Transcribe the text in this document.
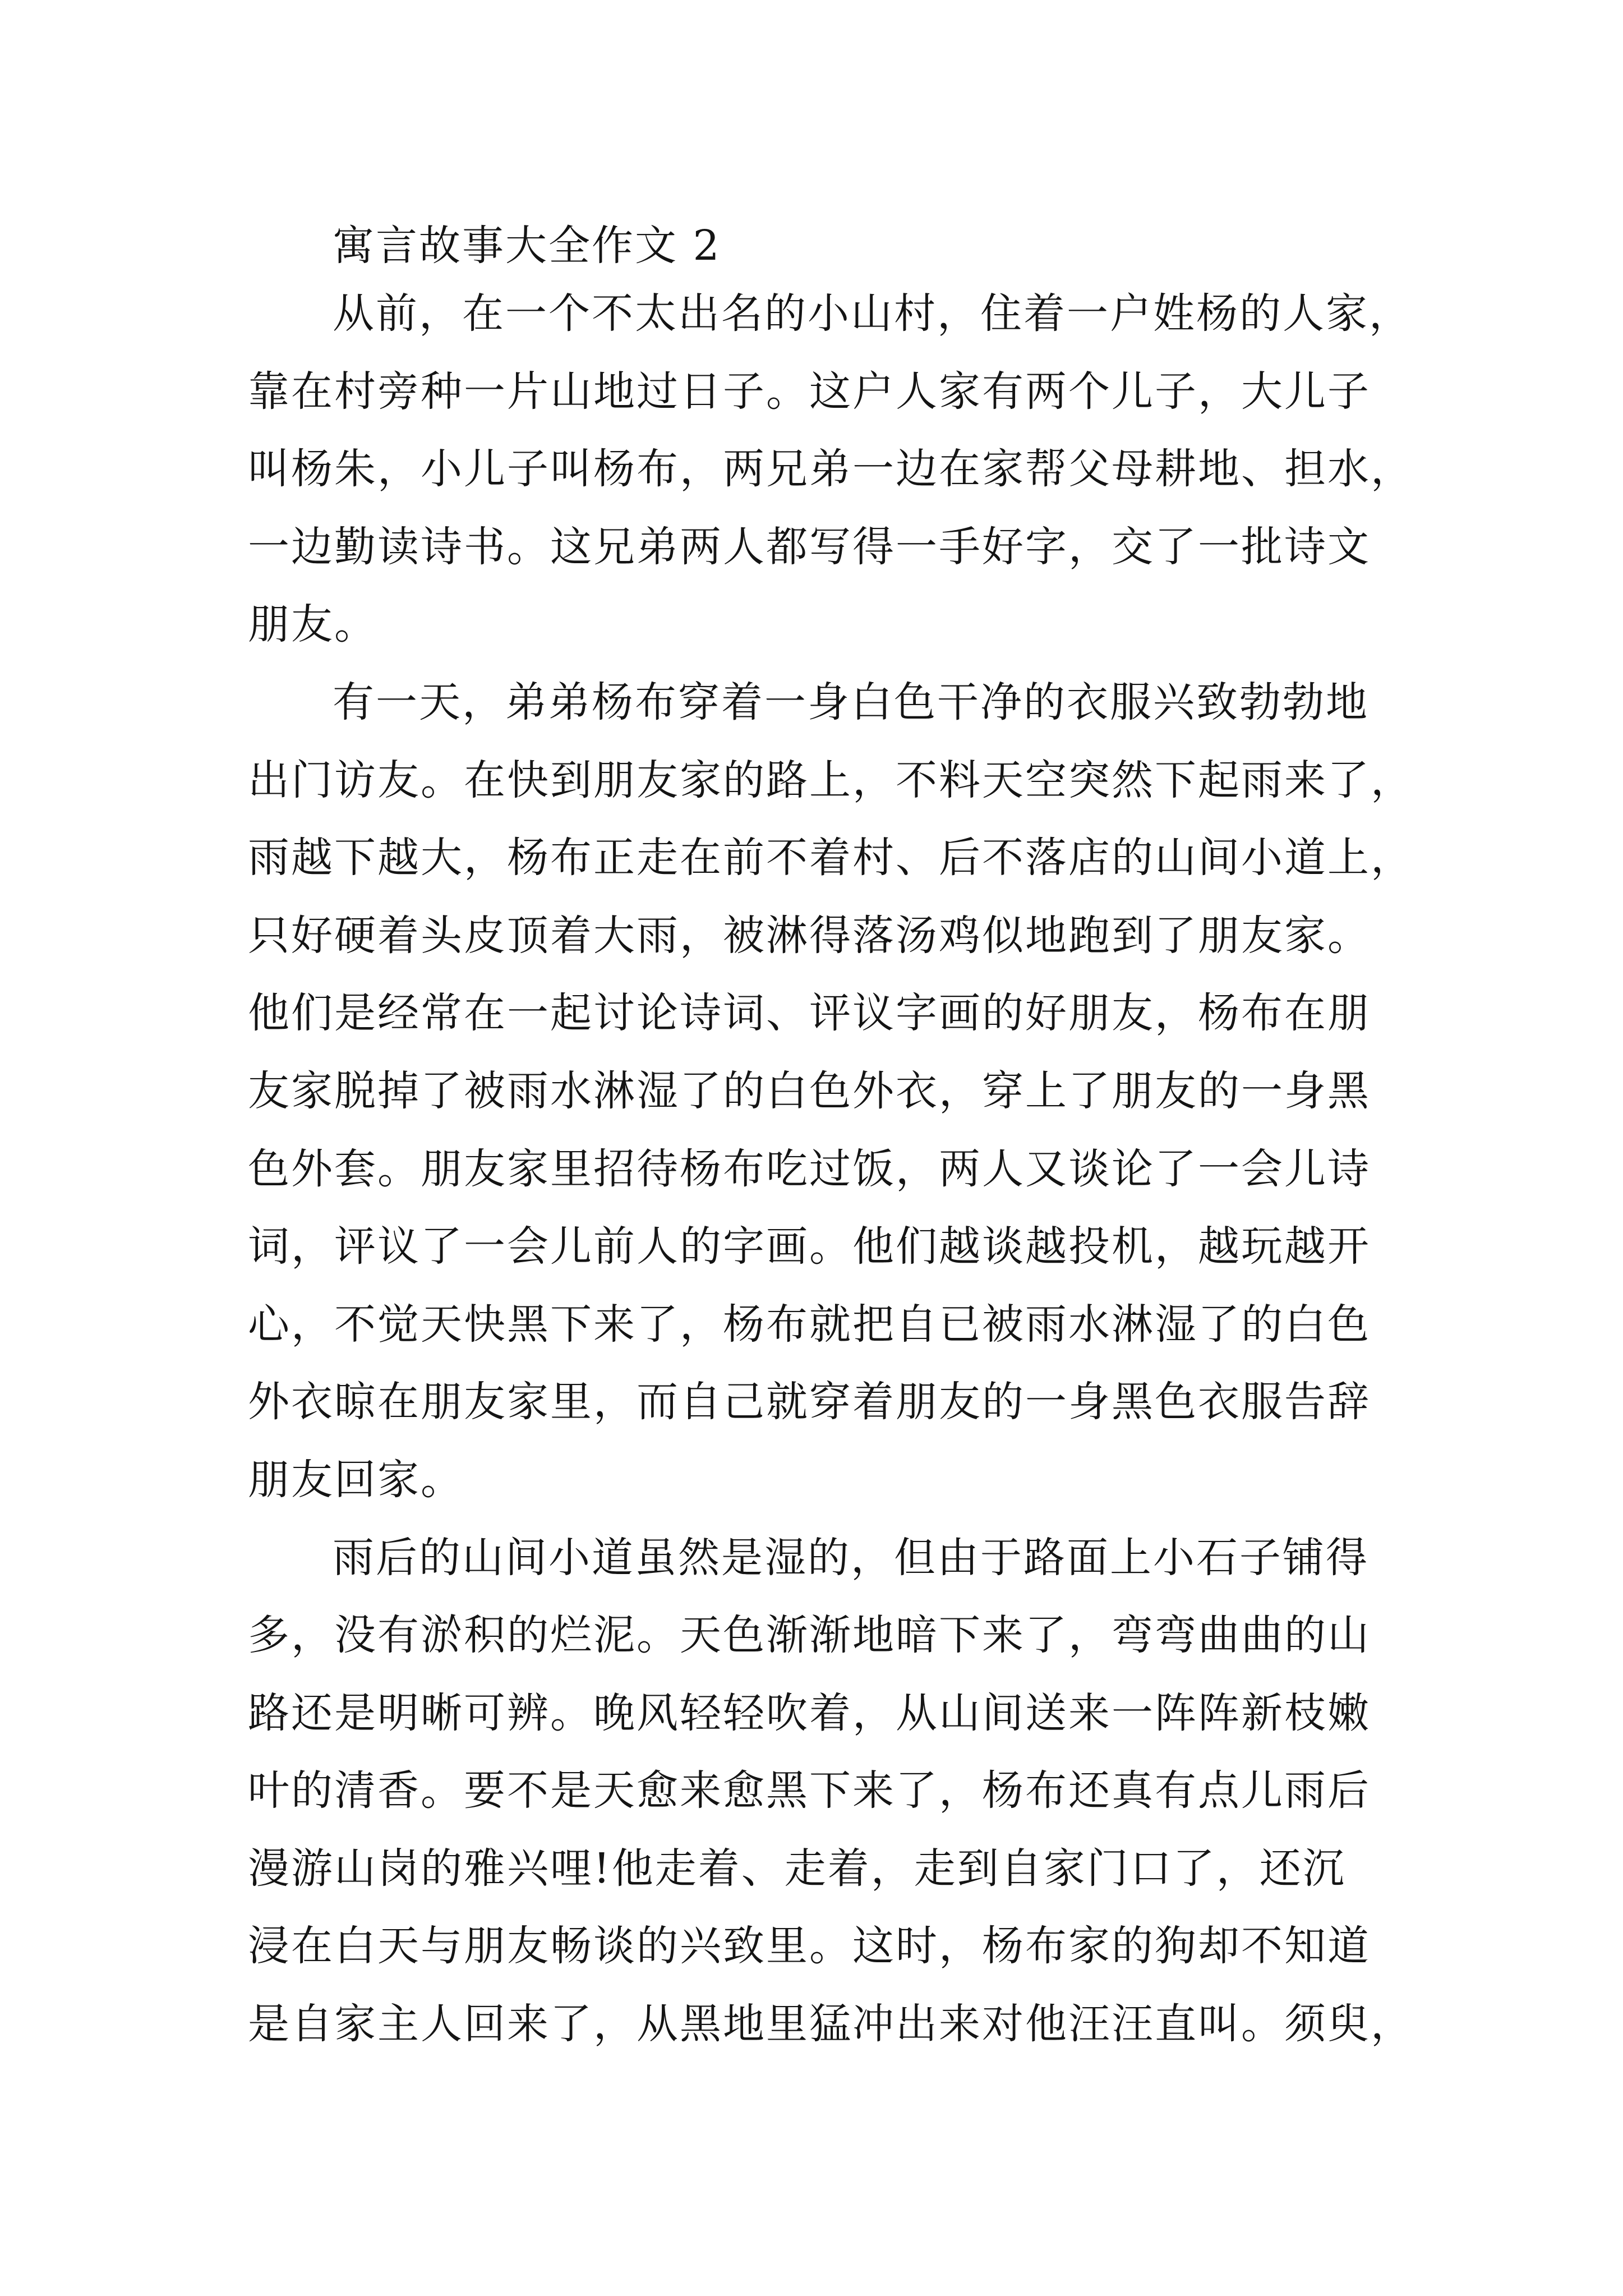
寓言故事大全作文 2
从前，在一个不太出名的小山村，住着一户姓杨的人家，
靠在村旁种一片山地过日子。这户人家有两个儿子，大儿子
叫杨朱，小儿子叫杨布，两兄弟一边在家帮父母耕地、担水，
一边勤读诗书。这兄弟两人都写得一手好字，交了一批诗文
朋友。
有一天，弟弟杨布穿着一身白色干净的衣服兴致勃勃地
出门访友。在快到朋友家的路上，不料天空突然下起雨来了，
雨越下越大，杨布正走在前不着村、后不落店的山间小道上，
只好硬着头皮顶着大雨，被淋得落汤鸡似地跑到了朋友家。
他们是经常在一起讨论诗词、评议字画的好朋友，杨布在朋
友家脱掉了被雨水淋湿了的白色外衣，穿上了朋友的一身黑
色外套。朋友家里招待杨布吃过饭，两人又谈论了一会儿诗
词，评议了一会儿前人的字画。他们越谈越投机，越玩越开
心，不觉天快黑下来了，杨布就把自已被雨水淋湿了的白色
外衣晾在朋友家里，而自己就穿着朋友的一身黑色衣服告辞
朋友回家。
雨后的山间小道虽然是湿的，但由于路面上小石子铺得
多，没有淤积的烂泥。天色渐渐地暗下来了，弯弯曲曲的山
路还是明晰可辨。晚风轻轻吹着，从山间送来一阵阵新枝嫩
叶的清香。要不是天愈来愈黑下来了，杨布还真有点儿雨后
漫游山岗的雅兴哩!他走着、走着，走到自家门口了，还沉
浸在白天与朋友畅谈的兴致里。这时，杨布家的狗却不知道
是自家主人回来了，从黑地里猛冲出来对他汪汪直叫。须臾，
